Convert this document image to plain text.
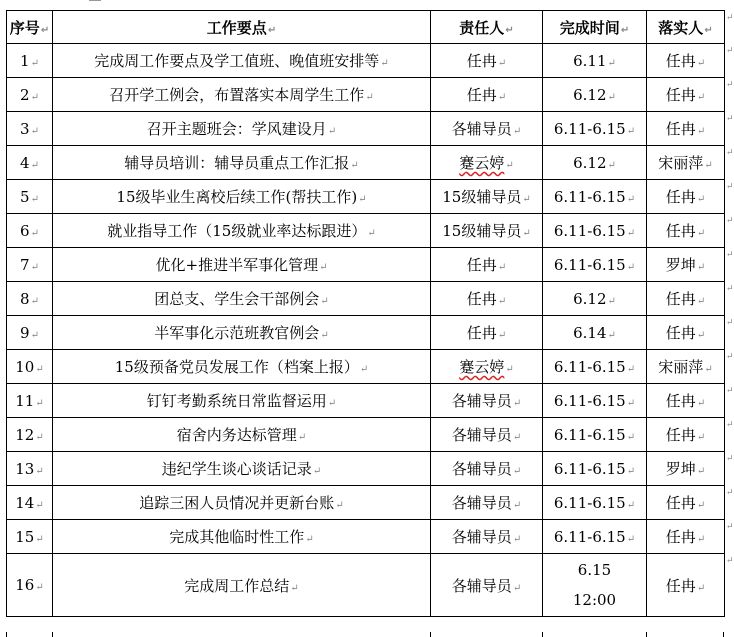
序号↵	工作要点↵	责任人↵	完成时间↵	落实人↵
1↵	完成周工作要点及学工值班、晚值班安排等↵	任冉↵	6.11↵	任冉↵
2↵	召开学工例会，布置落实本周学生工作↵	任冉↵	6.12↵	任冉↵
3↵	召开主题班会：学风建设月↵	各辅导员↵	6.11-6.15↵	任冉↵
4↵	辅导员培训：辅导员重点工作汇报↵	蹇云婷↵	6.12↵	宋丽萍↵
5↵	15级毕业生离校后续工作(帮扶工作)↵	15级辅导员↵	6.11-6.15↵	任冉↵
6↵	就业指导工作（15级就业率达标跟进）↵	15级辅导员↵	6.11-6.15↵	任冉↵
7↵	优化+推进半军事化管理↵	任冉↵	6.11-6.15↵	罗坤↵
8↵	团总支、学生会干部例会↵	任冉↵	6.12↵	任冉↵
9↵	半军事化示范班教官例会↵	任冉↵	6.14↵	任冉↵
10↵	15级预备党员发展工作（档案上报）↵	蹇云婷↵	6.11-6.15↵	宋丽萍↵
11↵	钉钉考勤系统日常监督运用↵	各辅导员↵	6.11-6.15↵	任冉↵
12↵	宿舍内务达标管理↵	各辅导员↵	6.11-6.15↵	任冉↵
13↵	违纪学生谈心谈话记录↵	各辅导员↵	6.11-6.15↵	罗坤↵
14↵	追踪三困人员情况并更新台账↵	各辅导员↵	6.11-6.15↵	任冉↵
15↵	完成其他临时性工作↵	各辅导员↵	6.11-6.15↵	任冉↵
16↵	完成周工作总结↵	各辅导员↵	6.15
12:00	任冉↵
↵
↵
↵
↵
↵
↵
↵
↵
↵
↵
↵
↵
↵
↵
↵
↵
↵
